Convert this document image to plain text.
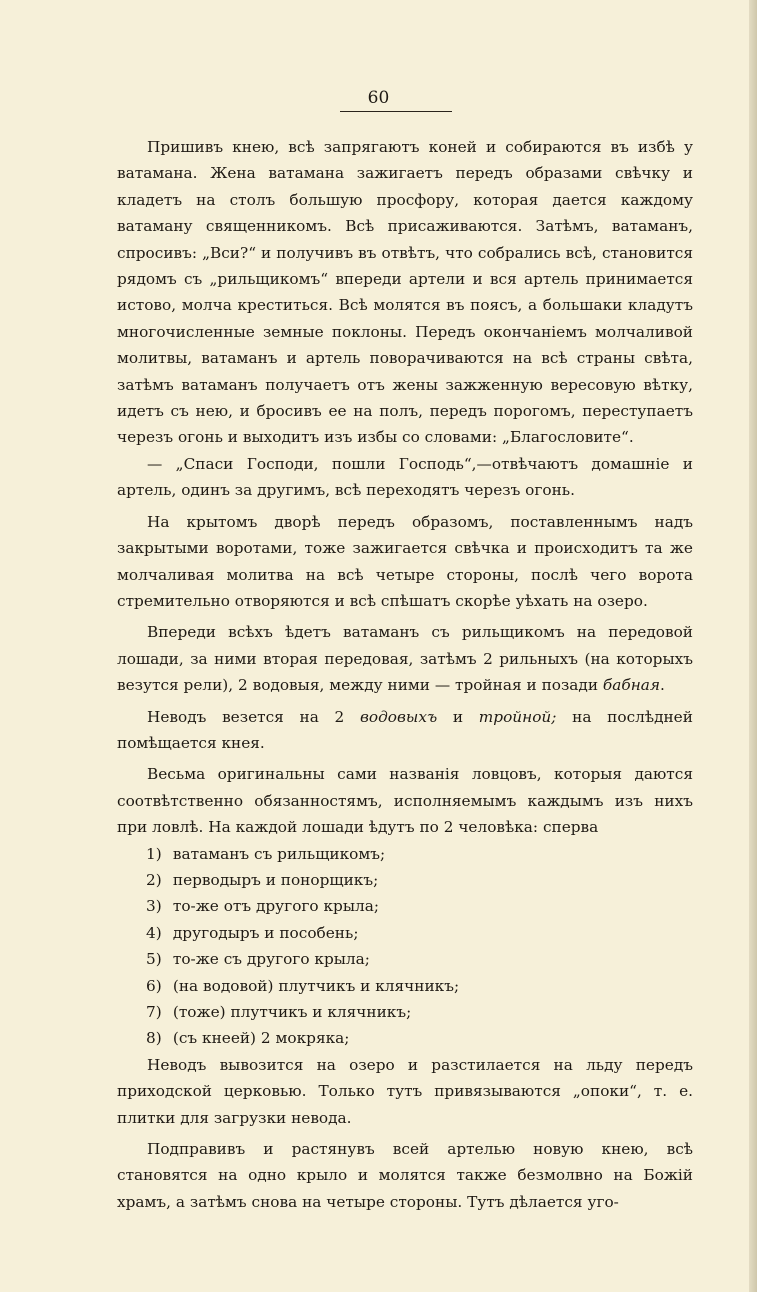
60

Пришивъ кнею, всѣ запрягаютъ коней и собираются въ избѣ у ватамана. Жена ватамана зажигаетъ передъ образами свѣчку и кладетъ на столъ большую просфору, которая дается каждому ватаману священникомъ. Всѣ присаживаются. Затѣмъ, ватаманъ, спросивъ: „Вси?“ и получивъ въ отвѣтъ, что собрались всѣ, становится рядомъ съ „рильщикомъ“ впереди артели и вся артель принимается истово, молча креститься. Всѣ молятся въ поясъ, а большаки кладутъ многочисленные земные поклоны. Передъ окончаніемъ молчаливой молитвы, ватаманъ и артель поворачиваются на всѣ страны свѣта, затѣмъ ватаманъ получаетъ отъ жены зажженную вересовую вѣтку, идетъ съ нею, и бросивъ ее на полъ, передъ порогомъ, переступаетъ черезъ огонь и выходитъ изъ избы со словами: „Благословите“.

— „Спаси Господи, пошли Господь“,—отвѣчаютъ домашніе и артель, одинъ за другимъ, всѣ переходятъ черезъ огонь.

На крытомъ дворѣ передъ образомъ, поставленнымъ надъ закрытыми воротами, тоже зажигается свѣчка и происходитъ та же молчаливая молитва на всѣ четыре стороны, послѣ чего ворота стремительно отворяются и всѣ спѣшатъ скорѣе уѣхать на озеро.

Впереди всѣхъ ѣдетъ ватаманъ съ рильщикомъ на передовой лошади, за ними вторая передовая, затѣмъ 2 рильныхъ (на которыхъ везутся рели), 2 водовыя, между ними — тройная и позади бабная.

Неводъ везется на 2 водовыхъ и тройной; на послѣдней помѣщается кнея.

Весьма оригинальны сами названія ловцовъ, которыя даются соотвѣтственно обязанностямъ, исполняемымъ каждымъ изъ нихъ при ловлѣ. На каждой лошади ѣдутъ по 2 человѣка: сперва

1) ватаманъ съ рильщикомъ;
2) перводыръ и понорщикъ;
3) то-же отъ другого крыла;
4) другодыръ и пособень;
5) то-же съ другого крыла;
6) (на водовой) плутчикъ и клячникъ;
7) (тоже) плутчикъ и клячникъ;
8) (съ кнеей) 2 мокряка;

Неводъ вывозится на озеро и разстилается на льду передъ приходской церковью. Только тутъ привязываются „опоки“, т. е. плитки для загрузки невода.

Подправивъ и растянувъ всей артелью новую кнею, всѣ становятся на одно крыло и молятся также безмолвно на Божій храмъ, а затѣмъ снова на четыре стороны. Тутъ дѣлается уго-
